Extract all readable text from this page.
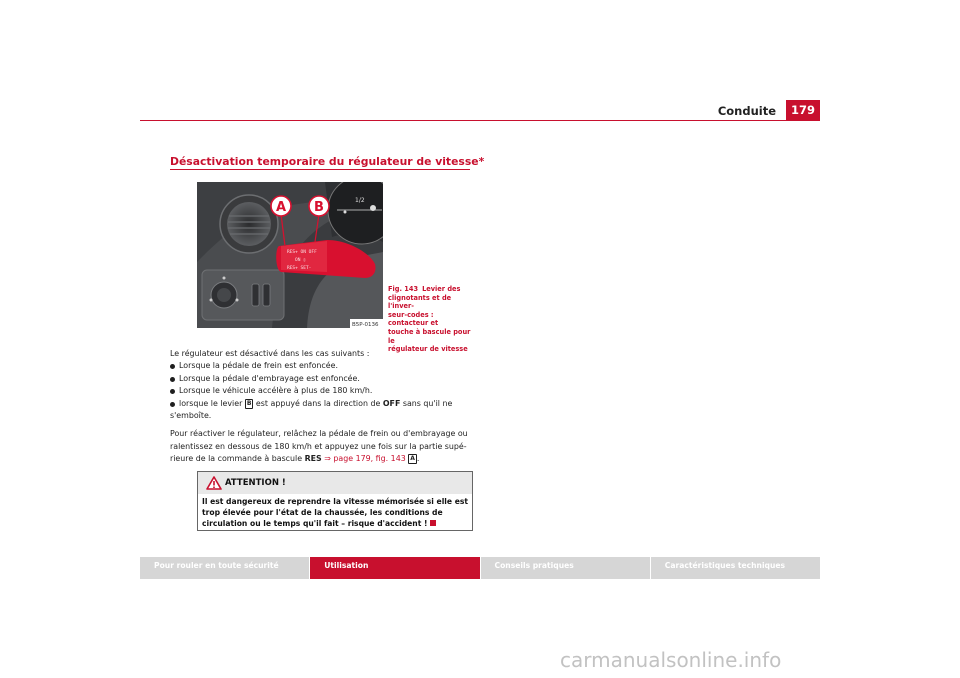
Conduite	179
Désactivation temporaire du régulateur de vitesse*
1/2
RES+ ON OFF
ON ▯
RES+ SET-
A B
B5P-0136
Fig. 143 Levier des
clignotants et de l'inver-
seur-codes : contacteur et
touche à bascule pour le
régulateur de vitesse

Le régulateur est désactivé dans les cas suivants :

Lorsque la pédale de frein est enfoncée.

Lorsque la pédale d'embrayage est enfoncée.

Lorsque le véhicule accélère à plus de 180 km/h.

lorsque le levier B est appuyé dans la direction de OFF sans qu'il ne

s'emboîte.

Pour réactiver le régulateur, relâchez la pédale de frein ou d'embrayage ou

ralentissez en dessous de 180 km/h et appuyez une fois sur la partie supé-

rieure de la commande à bascule RES ⇒ page 179, fig. 143 A .

ATTENTION !
Il est dangereux de reprendre la vitesse mémorisée si elle est trop élevée pour l'état de la chaussée, les conditions de circulation ou le temps qu'il fait – risque d'accident !
Pour rouler en toute sécurité	Utilisation	Conseils pratiques	Caractéristiques techniques
carmanualsonline.info
